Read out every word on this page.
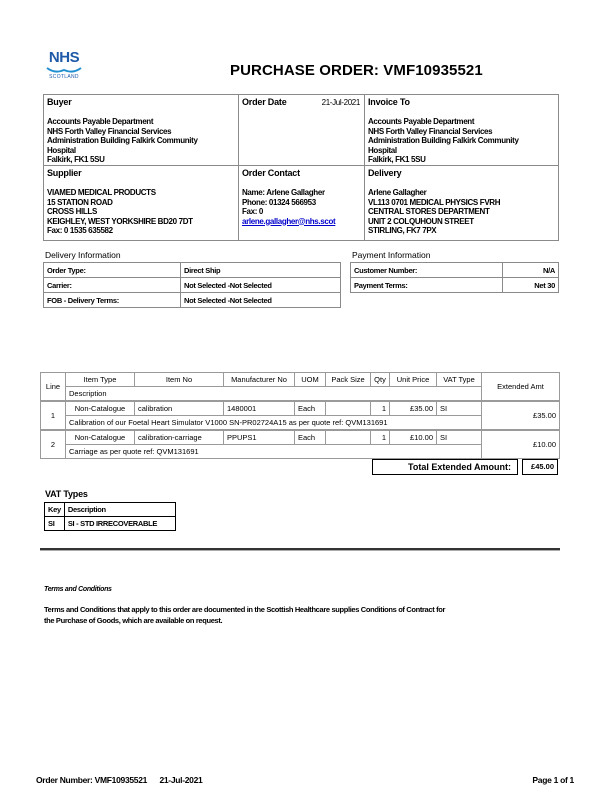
NHS
SCOTLAND	PURCHASE ORDER: VMF10935521
Buyer
Accounts Payable Department
NHS Forth Valley Financial Services
Administration Building Falkirk Community
Hospital
Falkirk, FK1 5SU
Order Date	21-Jul-2021 Invoice To
Accounts Payable Department
NHS Forth Valley Financial Services
Administration Building Falkirk Community
Hospital
Falkirk, FK1 5SU
Supplier
VIAMED MEDICAL PRODUCTS
15 STATION ROAD
CROSS HILLS
KEIGHLEY, WEST YORKSHIRE BD20 7DT
Fax: 0 1535 635582
Order Contact
Name: Arlene Gallagher
Phone: 01324 566953
Fax: 0
arlene.gallagher@nhs.scot
Delivery
Arlene Gallagher
VL113 0701 MEDICAL PHYSICS FVRH
CENTRAL STORES DEPARTMENT
UNIT 2 COLQUHOUN STREET
STIRLING, FK7 7PX
Delivery Information
Order Type:	Direct Ship
Carrier:	Not Selected -Not Selected
FOB - Delivery Terms:	Not Selected -Not Selected
Payment Information
Customer Number:	N/A
Payment Terms:	Net 30
Line	Item Type	Item No	Manufacturer No	UOM	Pack Size	Qty	Unit Price	VAT Type	Extended Amt
	Description								
1	Non-Catalogue	calibration	1480001	Each		1	£35.00	SI	£35.00
	Calibration of our Foetal Heart Simulator V1000 SN-PR02724A15 as per quote ref: QVM131691								
2	Non-Catalogue	calibration-carriage	PPUPS1	Each		1	£10.00	SI	£10.00
	Carriage as per quote ref: QVM131691								
Total Extended Amount:	£45.00
VAT Types
Key	Description
SI	SI - STD IRRECOVERABLE
Terms and Conditions
Terms and Conditions that apply to this order are documented in the Scottish Healthcare supplies Conditions of Contract for
the Purchase of Goods, which are available on request.
Order Number: VMF10935521 21-Jul-2021	Page 1 of 1
